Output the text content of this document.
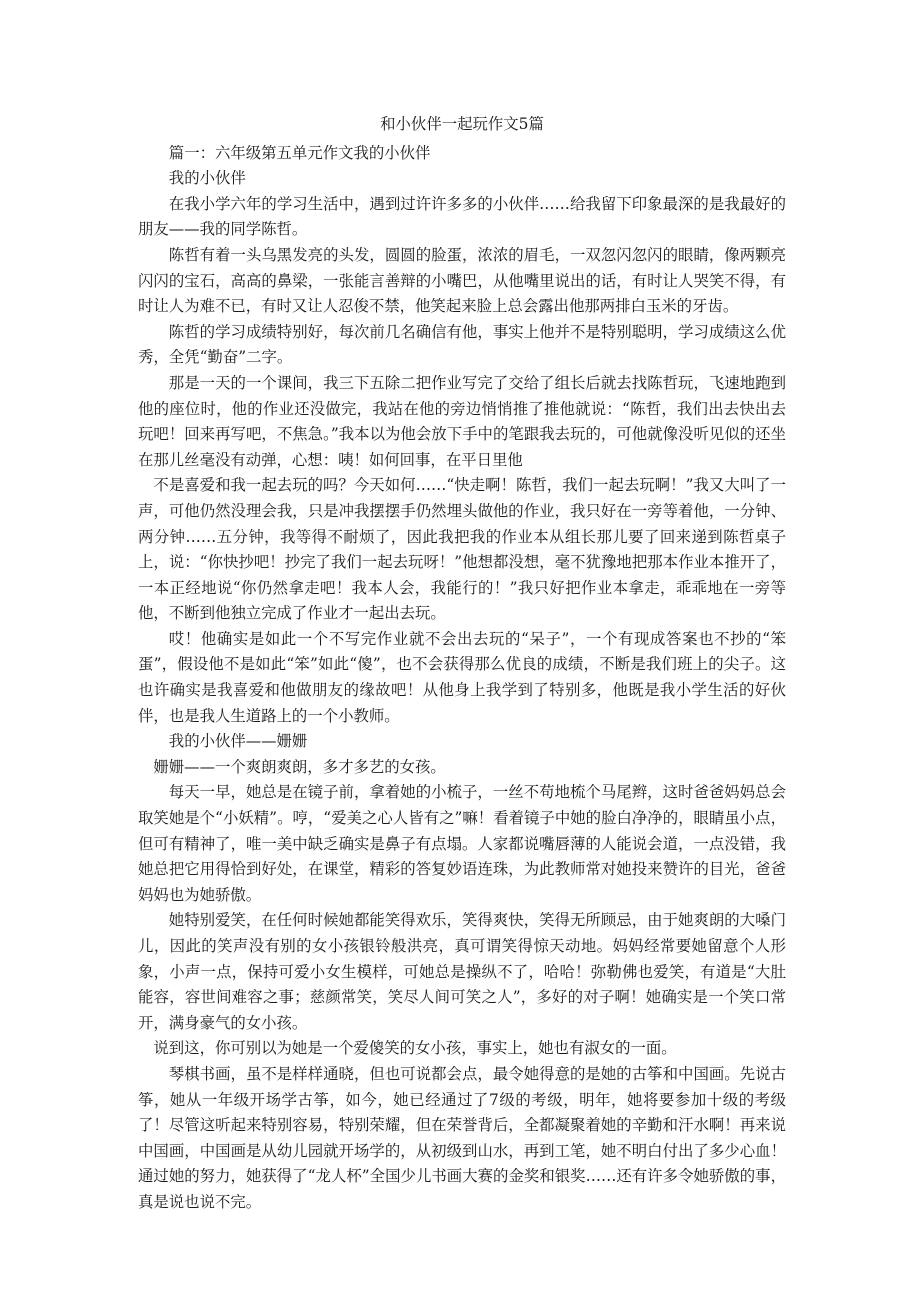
和小伙伴一起玩作文5篇

篇一：六年级第五单元作文我的小伙伴

我的小伙伴

在我小学六年的学习生活中，遇到过许许多多的小伙伴……给我留下印象最深的是我最好的朋友——我的同学陈哲。

陈哲有着一头乌黑发亮的头发，圆圆的脸蛋，浓浓的眉毛，一双忽闪忽闪的眼睛，像两颗亮闪闪的宝石，高高的鼻梁，一张能言善辩的小嘴巴，从他嘴里说出的话，有时让人哭笑不得，有时让人为难不已，有时又让人忍俊不禁，他笑起来脸上总会露出他那两排白玉米的牙齿。

陈哲的学习成绩特别好，每次前几名确信有他，事实上他并不是特别聪明，学习成绩这么优秀，全凭“勤奋”二字。

那是一天的一个课间，我三下五除二把作业写完了交给了组长后就去找陈哲玩，飞速地跑到他的座位时，他的作业还没做完，我站在他的旁边悄悄推了推他就说：“陈哲，我们出去快出去玩吧！回来再写吧，不焦急。”我本以为他会放下手中的笔跟我去玩的，可他就像没听见似的还坐在那儿丝毫没有动弹，心想：咦！如何回事，在平日里他

不是喜爱和我一起去玩的吗？今天如何……“快走啊！陈哲，我们一起去玩啊！”我又大叫了一声，可他仍然没理会我，只是冲我摆摆手仍然埋头做他的作业，我只好在一旁等着他，一分钟、两分钟……五分钟，我等得不耐烦了，因此我把我的作业本从组长那儿要了回来递到陈哲桌子上，说：“你快抄吧！抄完了我们一起去玩呀！”他想都没想，毫不犹豫地把那本作业本推开了，一本正经地说“你仍然拿走吧！我本人会，我能行的！”我只好把作业本拿走，乖乖地在一旁等他，不断到他独立完成了作业才一起出去玩。

哎！他确实是如此一个不写完作业就不会出去玩的“呆子”，一个有现成答案也不抄的“笨蛋”，假设他不是如此“笨”如此“傻”，也不会获得那么优良的成绩，不断是我们班上的尖子。这也许确实是我喜爱和他做朋友的缘故吧！从他身上我学到了特别多，他既是我小学生活的好伙伴，也是我人生道路上的一个小教师。

我的小伙伴——姗姗

姗姗——一个爽朗爽朗，多才多艺的女孩。

每天一早，她总是在镜子前，拿着她的小梳子，一丝不苟地梳个马尾辫，这时爸爸妈妈总会取笑她是个“小妖精”。哼，“爱美之心人皆有之”嘛！看着镜子中她的脸白净净的，眼睛虽小点，但可有精神了，唯一美中缺乏确实是鼻子有点塌。人家都说嘴唇薄的人能说会道，一点没错，我她总把它用得恰到好处，在课堂，精彩的答复妙语连珠，为此教师常对她投来赞许的目光，爸爸妈妈也为她骄傲。

她特别爱笑，在任何时候她都能笑得欢乐，笑得爽快，笑得无所顾忌，由于她爽朗的大嗓门儿，因此的笑声没有别的女小孩银铃般洪亮，真可谓笑得惊天动地。妈妈经常要她留意个人形象，小声一点，保持可爱小女生模样，可她总是操纵不了，哈哈！弥勒佛也爱笑，有道是“大肚能容，容世间难容之事；慈颜常笑，笑尽人间可笑之人”，多好的对子啊！她确实是一个笑口常开，满身豪气的女小孩。

说到这，你可别以为她是一个爱傻笑的女小孩，事实上，她也有淑女的一面。

琴棋书画，虽不是样样通晓，但也可说都会点，最令她得意的是她的古筝和中国画。先说古筝，她从一年级开场学古筝，如今，她已经通过了7级的考级，明年，她将要参加十级的考级了！尽管这听起来特别容易，特别荣耀，但在荣誉背后，全都凝聚着她的辛勤和汗水啊！再来说中国画，中国画是从幼儿园就开场学的，从初级到山水，再到工笔，她不明白付出了多少心血！通过她的努力，她获得了“龙人杯”全国少儿书画大赛的金奖和银奖……还有许多令她骄傲的事，真是说也说不完。
